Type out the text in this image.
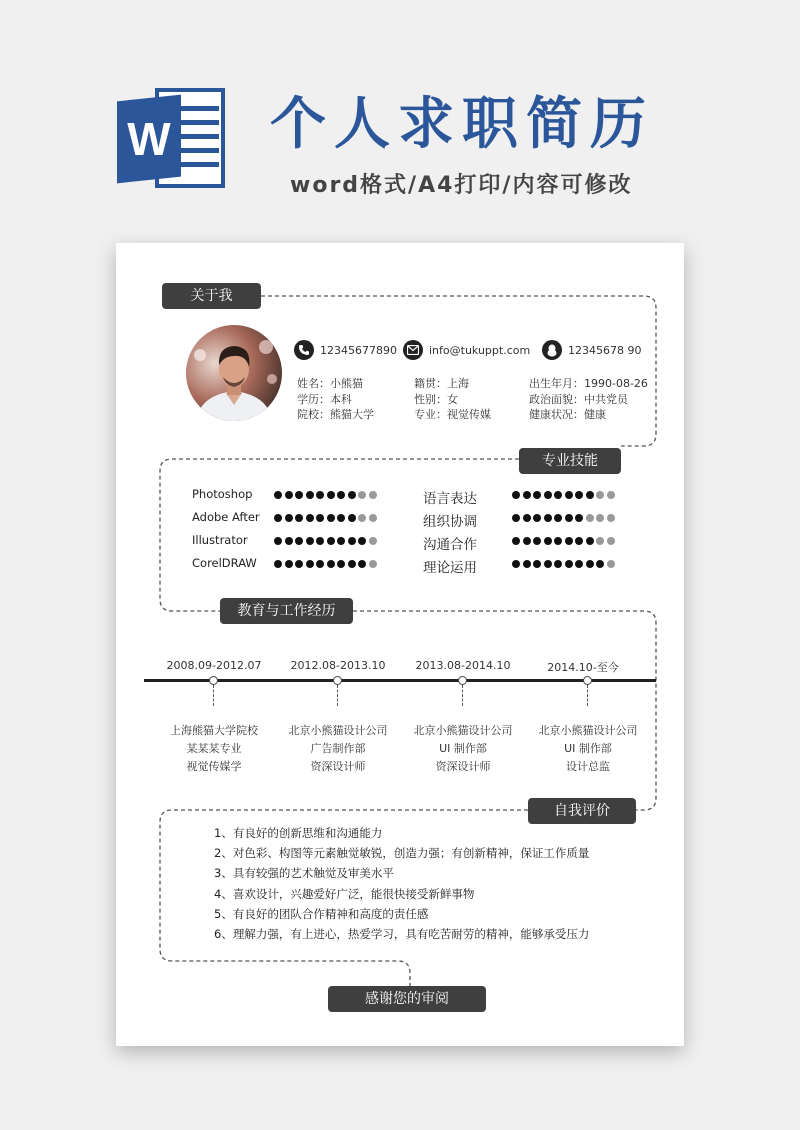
W 个人求职简历
word格式/A4打印/内容可修改
关于我
专业技能
教育与工作经历
自我评价
感谢您的审阅
12345677890	info@tukuppt.com	12345678 90
姓名：小熊猫
学历：本科
院校：熊猫大学
籍贯：上海
性别：女
专业：视觉传媒
出生年月：1990-08-26
政治面貌：中共党员
健康状况：健康
Photoshop
Adobe After
Illustrator
CorelDRAW
语言表达
组织协调
沟通合作
理论运用
2008.09-2012.07
上海熊猫大学院校
某某某专业
视觉传媒学
2012.08-2013.10
北京小熊猫设计公司
广告制作部
资深设计师
2013.08-2014.10
北京小熊猫设计公司
UI 制作部
资深设计师
2014.10-至今
北京小熊猫设计公司
UI 制作部
设计总监
1、有良好的创新思维和沟通能力
2、对色彩、构图等元素触觉敏锐，创造力强；有创新精神，保证工作质量
3、具有较强的艺术触觉及审美水平
4、喜欢设计，兴趣爱好广泛，能很快接受新鲜事物
5、有良好的团队合作精神和高度的责任感
6、理解力强，有上进心，热爱学习，具有吃苦耐劳的精神，能够承受压力
